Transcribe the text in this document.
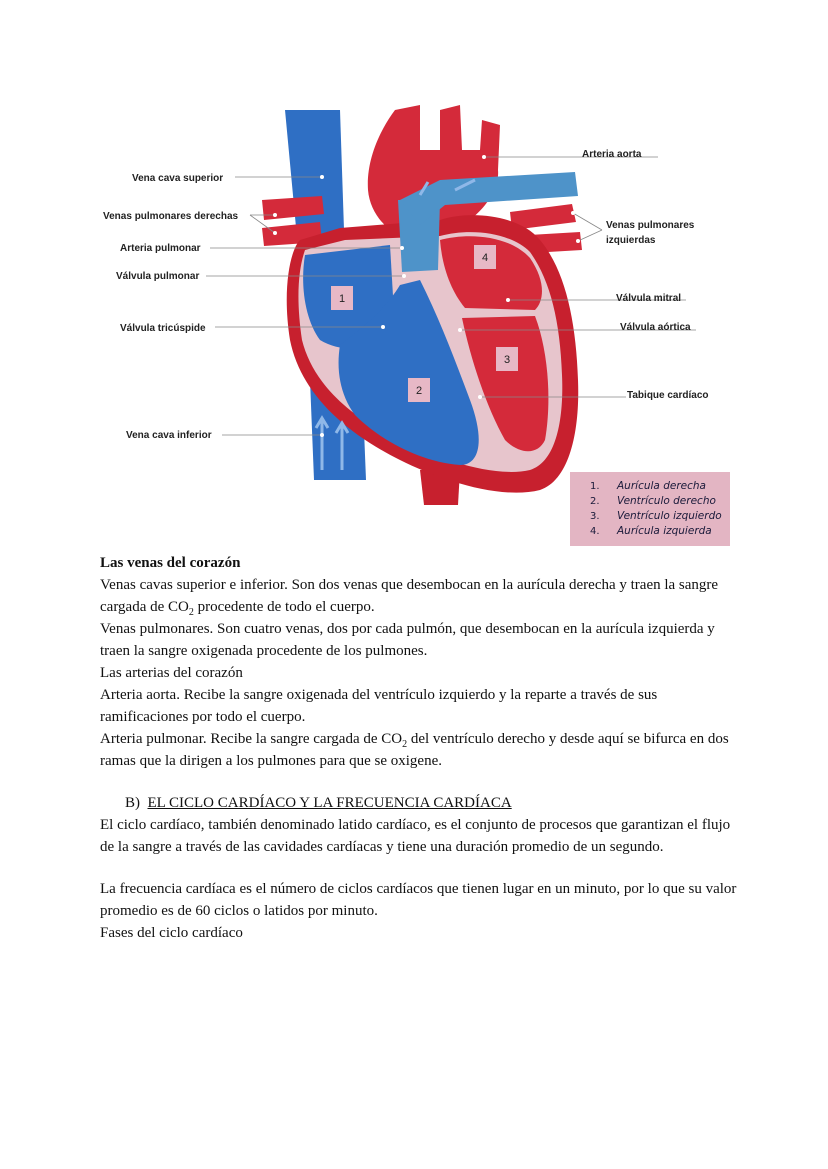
1
2
3
4
Vena cava superior
Venas pulmonares derechas
Arteria pulmonar
Válvula pulmonar
Válvula tricúspide
Vena cava inferior
Arteria aorta
Venas pulmonares
izquierdas
Válvula mitral
Válvula aórtica
Tabique cardíaco
1. Aurícula derecha
2. Ventrículo derecho
3. Ventrículo izquierdo
4. Aurícula izquierda

Las venas del corazón

Venas cavas superior e inferior. Son dos venas que desembocan en la aurícula derecha y traen la sangre cargada de $CO_2$ procedente de todo el cuerpo.

Venas pulmonares. Son cuatro venas, dos por cada pulmón, que desembocan en la aurícula izquierda y traen la sangre oxigenada procedente de los pulmones.

Las arterias del corazón

Arteria aorta. Recibe la sangre oxigenada del ventrículo izquierdo y la reparte a través de sus ramificaciones por todo el cuerpo.

Arteria pulmonar. Recibe la sangre cargada de $CO_2$ del ventrículo derecho y desde aquí se bifurca en dos ramas que la dirigen a los pulmones para que se oxigene.

B) EL CICLO CARDÍACO Y LA FRECUENCIA CARDÍACA

El ciclo cardíaco, también denominado latido cardíaco, es el conjunto de procesos que garantizan el flujo de la sangre a través de las cavidades cardíacas y tiene una duración promedio de un segundo.

La frecuencia cardíaca es el número de ciclos cardíacos que tienen lugar en un minuto, por lo que su valor promedio es de 60 ciclos o latidos por minuto.

Fases del ciclo cardíaco
